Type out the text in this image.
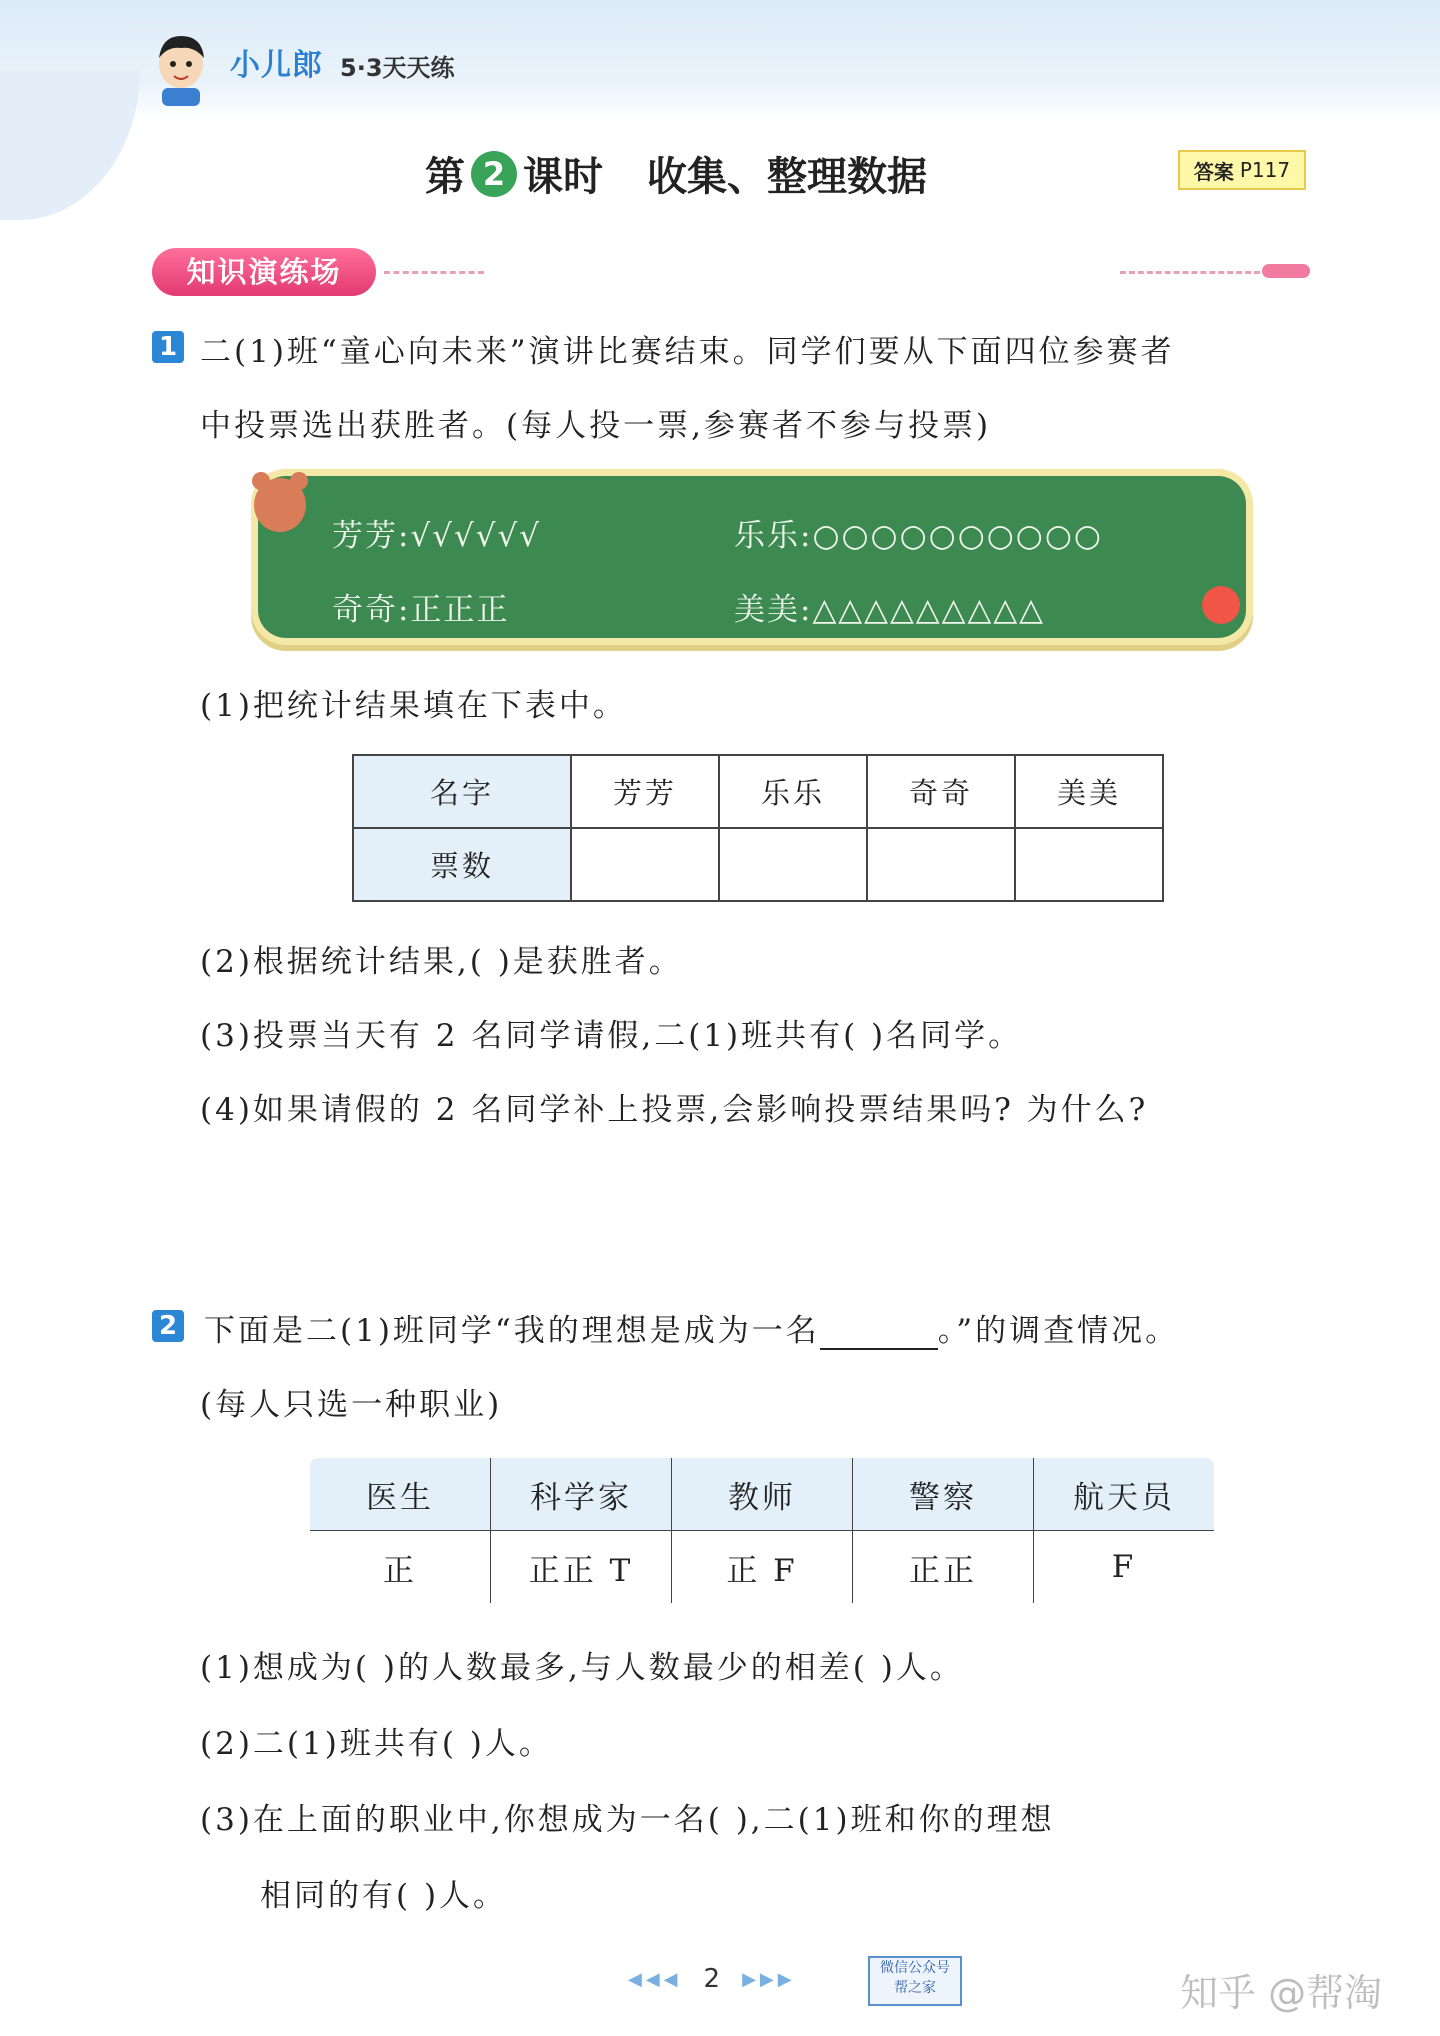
小儿郎 5·3天天练
第 2 课时 收集、整理数据	答案 P117
知识演练场
1 二(1)班“童心向未来”演讲比赛结束。同学们要从下面四位参赛者
中投票选出获胜者。(每人投一票,参赛者不参与投票)
芳芳:√√√√√√	乐乐:○○○○○○○○○○
奇奇:正正正	美美:△△△△△△△△△
(1)把统计结果填在下表中。
名字	芳芳	乐乐	奇奇	美美
票数				
(2)根据统计结果,( )是获胜者。
(3)投票当天有 2 名同学请假,二(1)班共有( )名同学。
(4)如果请假的 2 名同学补上投票,会影响投票结果吗? 为什么?
2 下面是二(1)班同学“我的理想是成为一名	。”的调查情况。
(每人只选一种职业)
医生	科学家	教师	警察	航天员
正	正正 T	正 F	正正	F
(1)想成为( )的人数最多,与人数最少的相差( )人。
(2)二(1)班共有( )人。
(3)在上面的职业中,你想成为一名( ),二(1)班和你的理想
相同的有( )人。
◀◀◀ 2 ▶▶▶
微信公众号
帮之家	知乎 @帮淘
